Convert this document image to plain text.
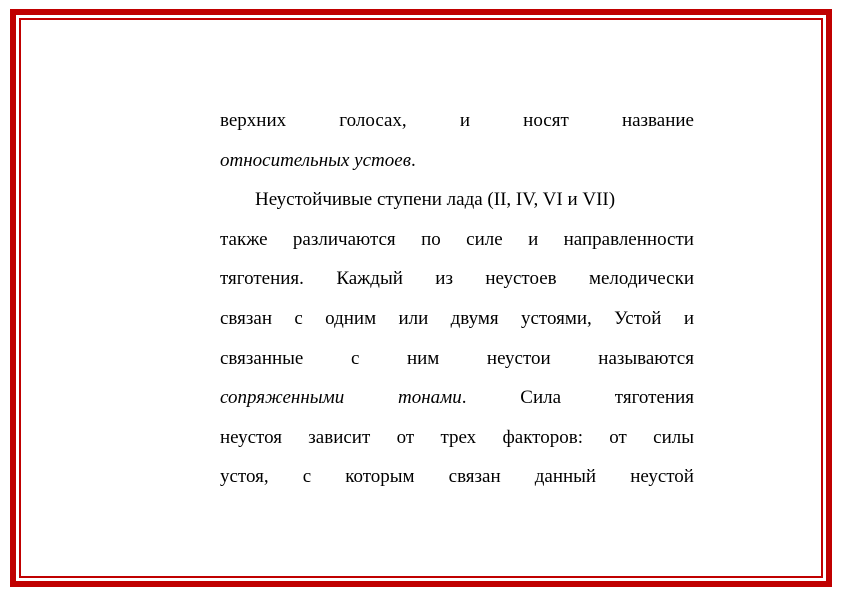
верхних	голосах,	и	носят	название
относительных устоев.
Неустойчивые ступени лада (II, IV, VI и VII)
также различаются по силе и направленности
тяготения. Каждый из неустоев мелодически
связан с одним или двумя устоями, Устой и
связанные	с	ним	неустои	называются
сопряженными	тонами.	Сила	тяготения
неустоя зависит от трех факторов: от силы
устоя, с которым связан данный неустой
